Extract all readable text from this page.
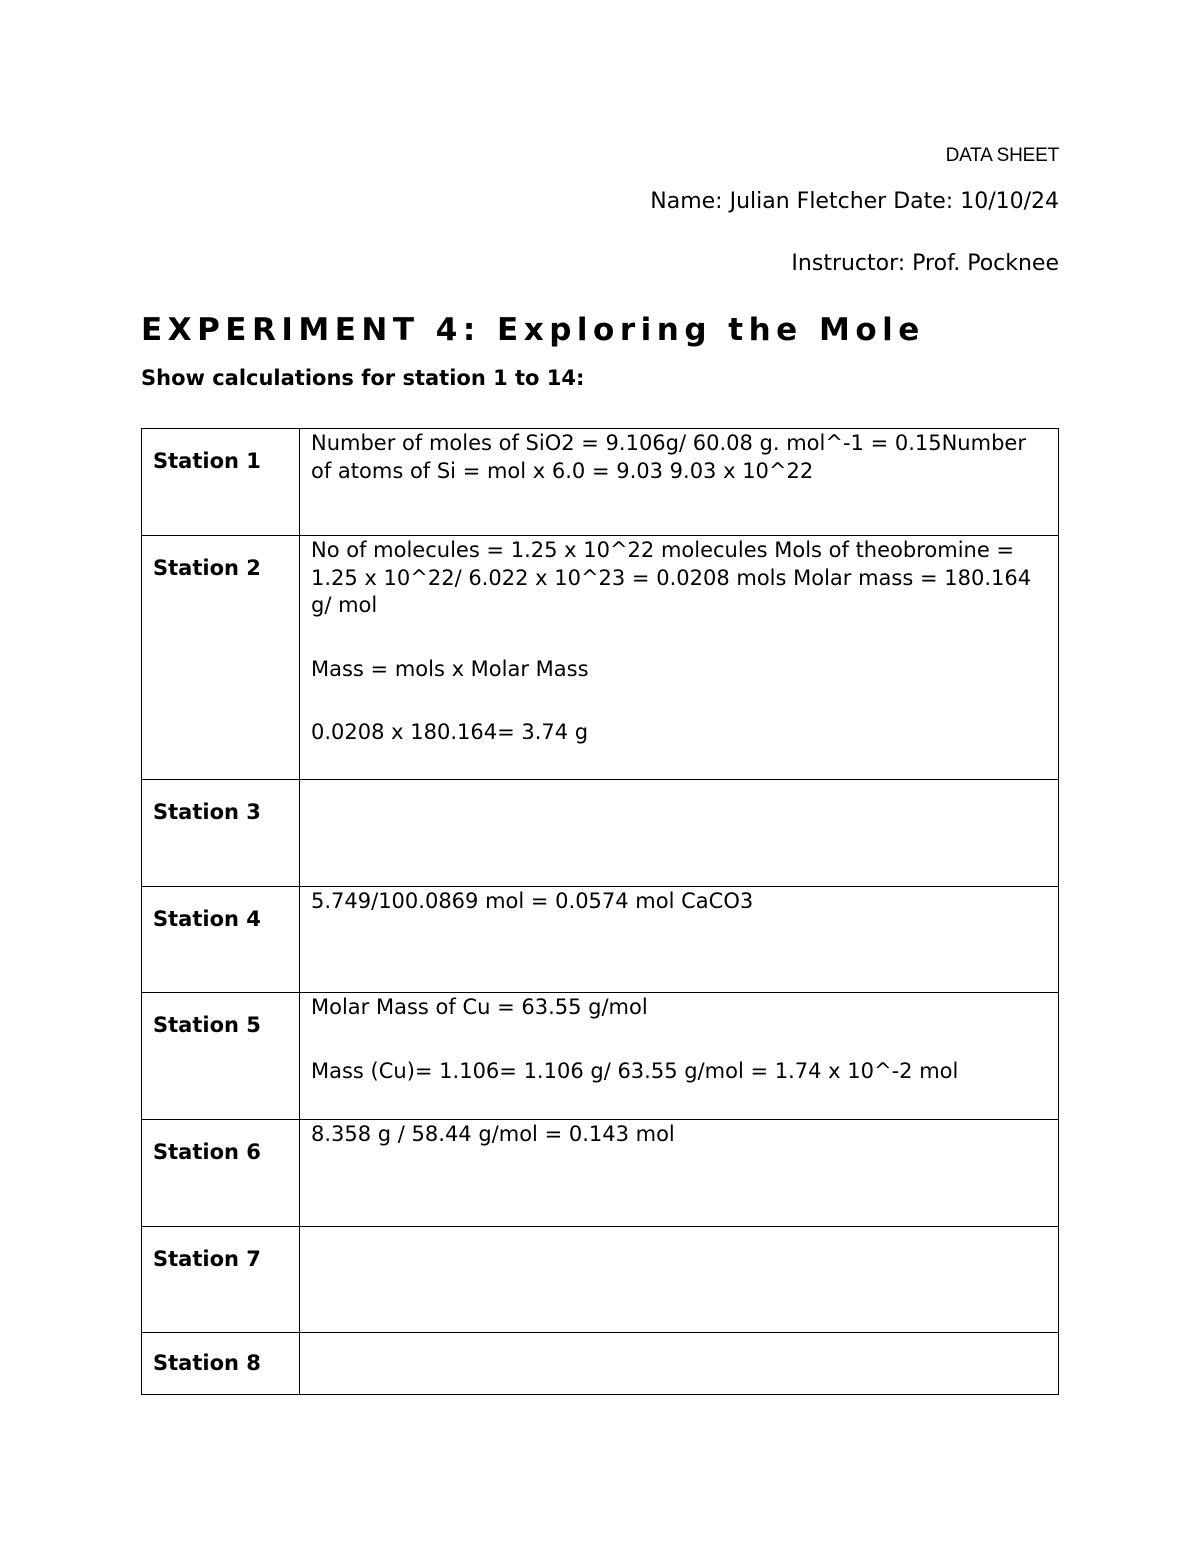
DATA SHEET
Name: Julian Fletcher Date: 10/10/24
Instructor: Prof. Pocknee
EXPERIMENT 4: Exploring the Mole
Show calculations for station 1 to 14:
Station 1	Number of moles of SiO2 = 9.106g/ 60.08 g. mol^-1 = 0.15Number of atoms of Si = mol x 6.0 = 9.03 9.03 x 10^22

Station 2	No of molecules = 1.25 x 10^22 molecules Mols of theobromine = 1.25 x 10^22/ 6.022 x 10^23 = 0.0208 mols Molar mass = 180.164 g/ mol
Mass = mols x Molar Mass
0.0208 x 180.164= 3.74 g

Station 3	
Station 4	5.749/100.0869 mol = 0.0574 mol CaCO3

Station 5	Molar Mass of Cu = 63.55 g/mol
Mass (Cu)= 1.106= 1.106 g/ 63.55 g/mol = 1.74 x 10^-2 mol

Station 6	8.358 g / 58.44 g/mol = 0.143 mol

Station 7	
Station 8	
